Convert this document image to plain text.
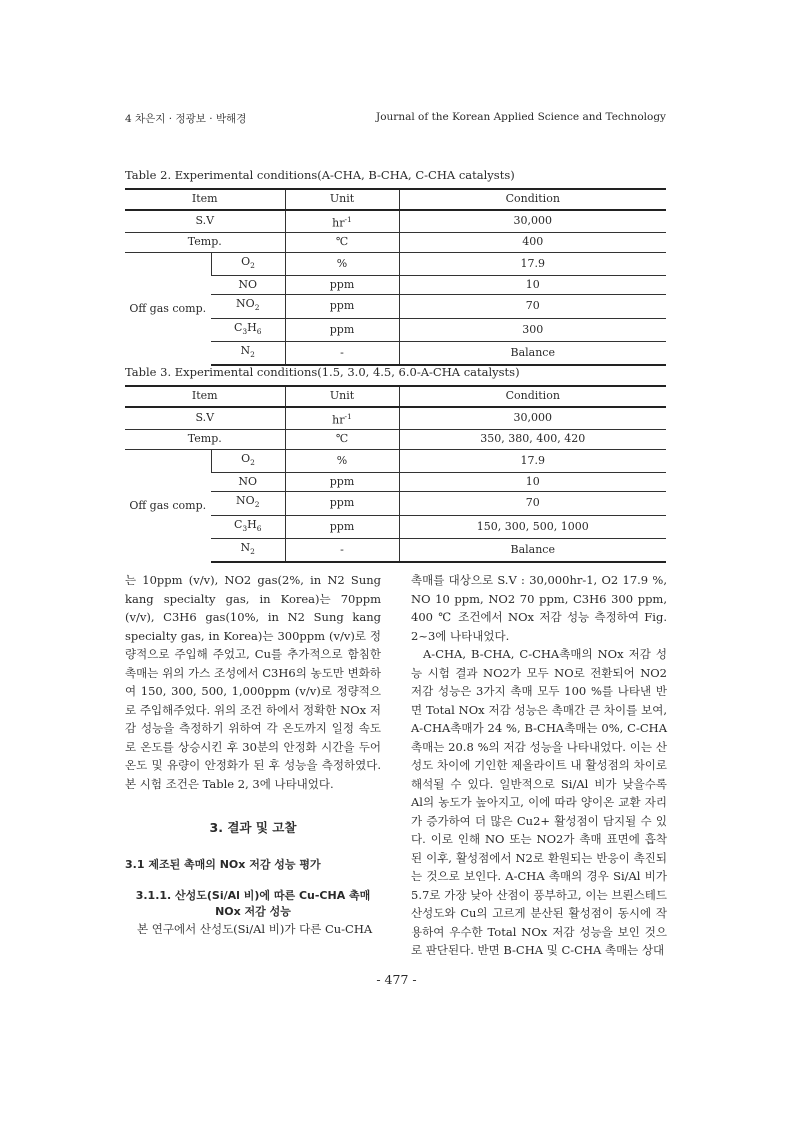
4 차은지 · 정광보 · 박해경	Journal of the Korean Applied Science and Technology
Table 2. Experimental conditions(A-CHA, B-CHA, C-CHA catalysts)
Item		Unit	Condition
S.V		$hr^{-1}$	30,000
Temp.		℃	400
Off gas comp.	$O_2$	%	17.9
	NO	ppm	10
	$NO_2$	ppm	70
	$C_3H_6$	ppm	300
	$N_2$	-	Balance
Table 3. Experimental conditions(1.5, 3.0, 4.5, 6.0-A-CHA catalysts)
Item		Unit	Condition
S.V		$hr^{-1}$	30,000
Temp.		℃	350, 380, 400, 420
Off gas comp.	$O_2$	%	17.9
	NO	ppm	10
	$NO_2$	ppm	70
	$C_3H_6$	ppm	150, 300, 500, 1000
	$N_2$	-	Balance

는 10ppm (v/v), NO2 gas(2%, in N2 Sung kang specialty gas, in Korea)는 70ppm (v/v), C3H6 gas(10%, in N2 Sung kang specialty gas, in Korea)는 300ppm (v/v)로 정량적으로 주입해 주었고, Cu를 추가적으로 함침한 촉매는 위의 가스 조성에서 C3H6의 농도만 변화하여 150, 300, 500, 1,000ppm (v/v)로 정량적으로 주입해주었다. 위의 조건 하에서 정확한 NOx 저감 성능을 측정하기 위하여 각 온도까지 일정 속도로 온도를 상승시킨 후 30분의 안정화 시간을 두어 온도 및 유량이 안정화가 된 후 성능을 측정하였다. 본 시험 조건은 Table 2, 3에 나타내었다.

3. 결과 및 고찰

3.1 제조된 촉매의 NOx 저감 성능 평가

3.1.1. 산성도(Si/Al 비)에 따른 Cu-CHA 촉매

NOx 저감 성능

본 연구에서 산성도(Si/Al 비)가 다른 Cu-CHA

촉매를 대상으로 S.V : 30,000hr-1, O2 17.9 %, NO 10 ppm, NO2 70 ppm, C3H6 300 ppm, 400 ℃ 조건에서 NOx 저감 성능 측정하여 Fig. 2~3에 나타내었다.

A-CHA, B-CHA, C-CHA촉매의 NOx 저감 성능 시험 결과 NO2가 모두 NO로 전환되어 NO2 저감 성능은 3가지 촉매 모두 100 %를 나타낸 반면 Total NOx 저감 성능은 촉매간 큰 차이를 보여, A-CHA촉매가 24 %, B-CHA촉매는 0%, C-CHA촉매는 20.8 %의 저감 성능을 나타내었다. 이는 산성도 차이에 기인한 제올라이트 내 활성점의 차이로 해석될 수 있다. 일반적으로 Si/Al 비가 낮을수록 Al의 농도가 높아지고, 이에 따라 양이온 교환 자리가 증가하여 더 많은 Cu2+ 활성점이 담지될 수 있다. 이로 인해 NO 또는 NO2가 촉매 표면에 흡착된 이후, 활성점에서 N2로 환원되는 반응이 촉진되는 것으로 보인다. A-CHA 촉매의 경우 Si/Al 비가 5.7로 가장 낮아 산점이 풍부하고, 이는 브뢴스테드 산성도와 Cu의 고르게 분산된 활성점이 동시에 작용하여 우수한 Total NOx 저감 성능을 보인 것으로 판단된다. 반면 B-CHA 및 C-CHA 촉매는 상대

- 477 -
